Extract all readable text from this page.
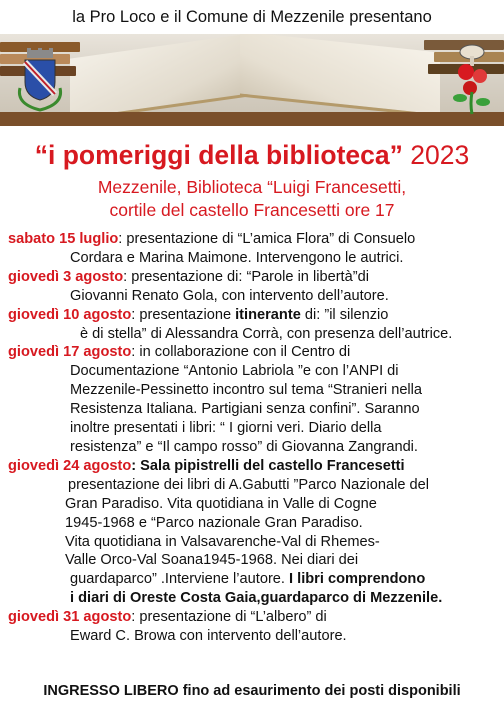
la Pro Loco e il Comune di Mezzenile presentano
“i pomeriggi della biblioteca” 2023
Mezzenile, Biblioteca “Luigi Francesetti,
cortile del castello Francesetti ore 17

sabato 15 luglio: presentazione di “L’amica Flora” di Consuelo
Cordara e Marina Maimone. Intervengono le autrici.

giovedì 3 agosto: presentazione di: “Parole in libertà”di
Giovanni Renato Gola, con intervento dell’autore.

giovedì 10 agosto: presentazione itinerante di: ”il silenzio
è di stella” di Alessandra Corrà, con presenza dell’autrice.

giovedì 17 agosto: in collaborazione con il Centro di
Documentazione “Antonio Labriola ”e con l’ANPI di
Mezzenile-Pessinetto incontro sul tema “Stranieri nella
Resistenza Italiana. Partigiani senza confini”. Saranno
inoltre presentati i libri: “ I giorni veri. Diario della
resistenza” e “Il campo rosso” di Giovanna Zangrandi.

giovedì 24 agosto: Sala pipistrelli del castello Francesetti
presentazione dei libri di A.Gabutti ”Parco Nazionale del
Gran Paradiso. Vita quotidiana in Valle di Cogne
1945-1968 e “Parco nazionale Gran Paradiso.
Vita quotidiana in Valsavarenche-Val di Rhemes-
Valle Orco-Val Soana1945-1968. Nei diari dei
guardaparco” .Interviene l’autore. I libri comprendono
i diari di Oreste Costa Gaia,guardaparco di Mezzenile.

giovedì 31 agosto: presentazione di “L’albero” di
Eward C. Browa con intervento dell’autore.

INGRESSO LIBERO fino ad esaurimento dei posti disponibili
